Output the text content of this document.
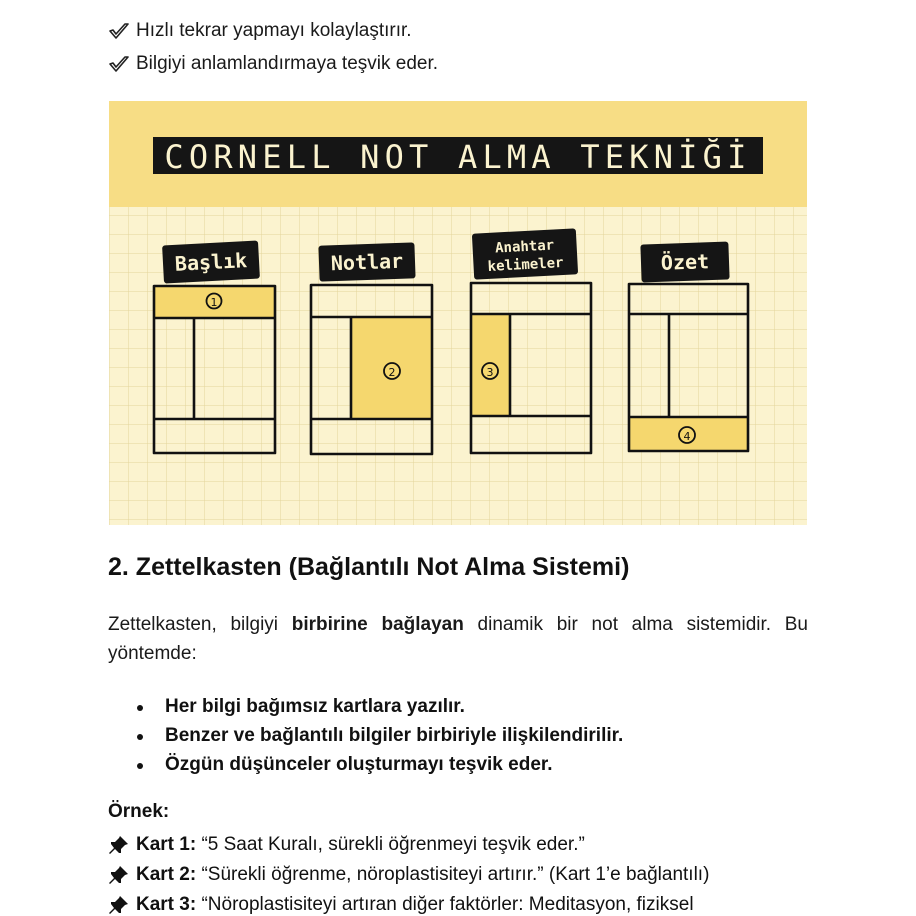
Hızlı tekrar yapmayı kolaylaştırır.
Bilgiyi anlamlandırmaya teşvik eder.
CORNELL NOT ALMA TEKNİĞİ
Başlık	Notlar
Anahtar
kelimeler	Özet
1
2	3
4
2. Zettelkasten (Bağlantılı Not Alma Sistemi)
Zettelkasten, bilgiyi birbirine bağlayan dinamik bir not alma sistemidir. Bu yöntemde:
Her bilgi bağımsız kartlara yazılır.
Benzer ve bağlantılı bilgiler birbiriyle ilişkilendirilir.
Özgün düşünceler oluşturmayı teşvik eder.
Örnek:
Kart 1: “5 Saat Kuralı, sürekli öğrenmeyi teşvik eder.”
Kart 2: “Sürekli öğrenme, nöroplastisiteyi artırır.” (Kart 1’e bağlantılı)
Kart 3: “Nöroplastisiteyi artıran diğer faktörler: Meditasyon, fiziksel
